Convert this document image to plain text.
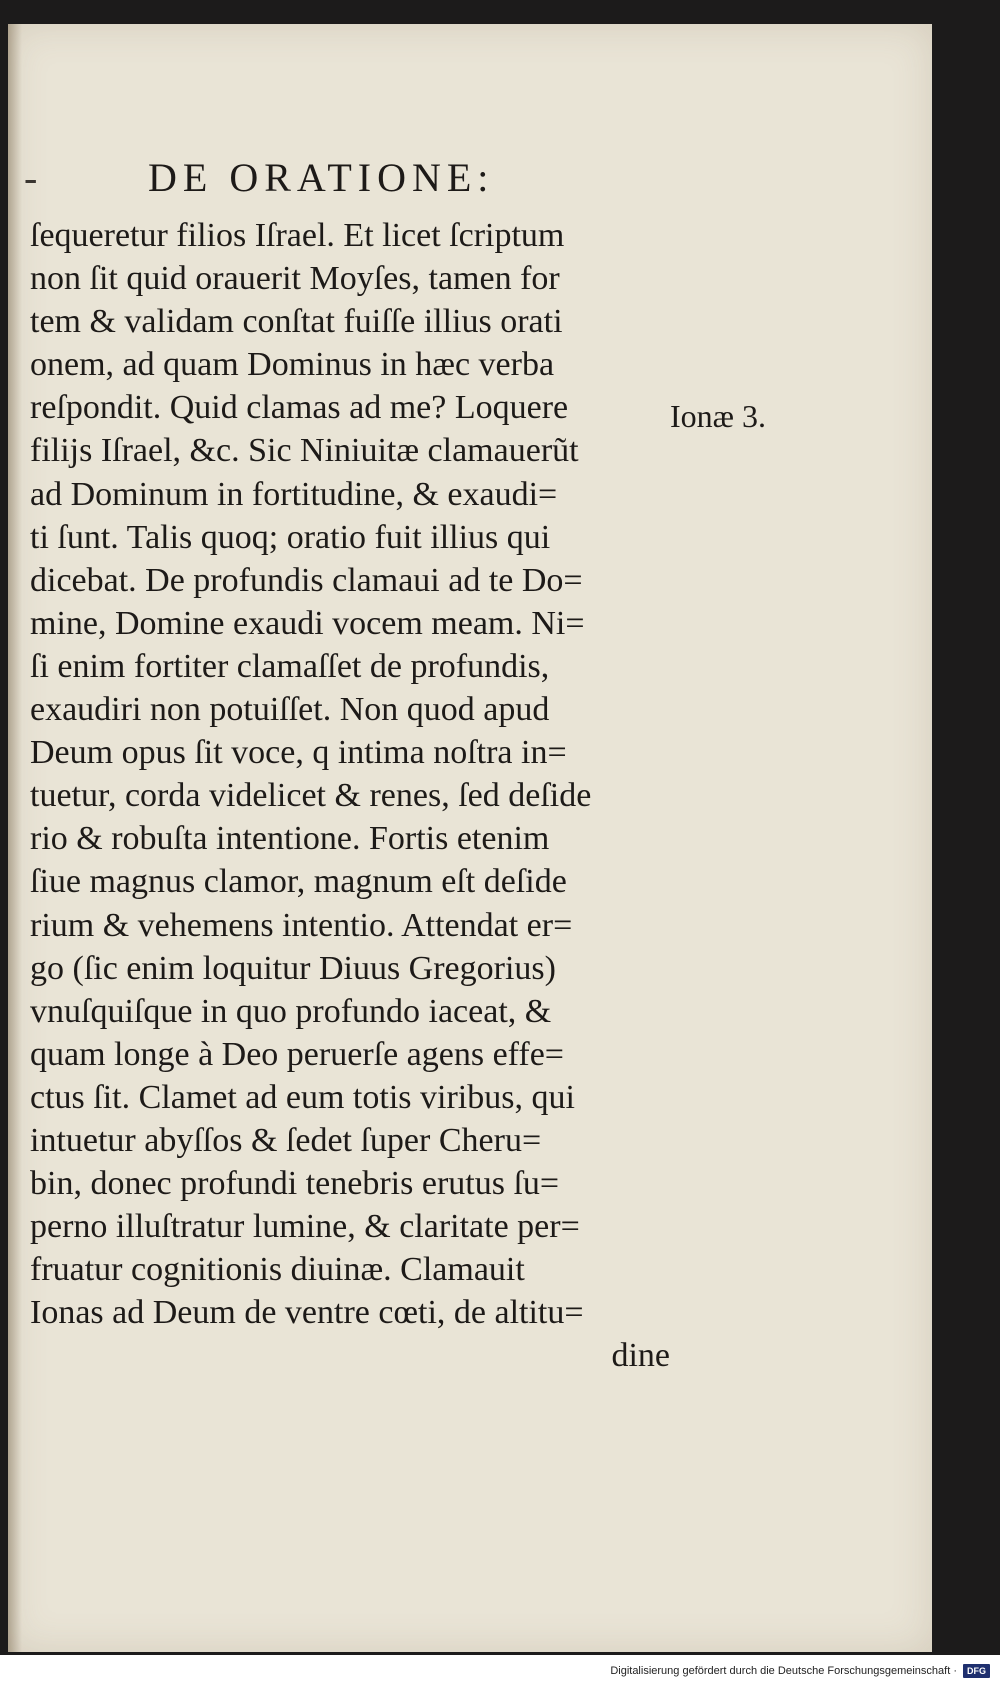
-	DE ORATIONE:
ſequeretur filios Iſrael. Et licet ſcriptum
non ſit quid orauerit Moyſes, tamen for
tem & validam conſtat fuiſſe illius orati
onem, ad quam Dominus in hæc verba
reſpondit. Quid clamas ad me? Loquere
filijs Iſrael, &c. Sic Niniuitæ clamauerũt
ad Dominum in fortitudine, & exaudi=
ti ſunt. Talis quoq; oratio fuit illius qui
dicebat. De profundis clamaui ad te Do=
mine, Domine exaudi vocem meam. Ni=
ſi enim fortiter clamaſſet de profundis,
exaudiri non potuiſſet. Non quod apud
Deum opus ſit voce, q intima noſtra in=
tuetur, corda videlicet & renes, ſed deſide
rio & robuſta intentione. Fortis etenim
ſiue magnus clamor, magnum eſt deſide
rium & vehemens intentio. Attendat er=
go (ſic enim loquitur Diuus Gregorius)
vnuſquiſque in quo profundo iaceat, &
quam longe à Deo peruerſe agens effe=
ctus ſit. Clamet ad eum totis viribus, qui
intuetur abyſſos & ſedet ſuper Cheru=
bin, donec profundi tenebris erutus ſu=
perno illuſtratur lumine, & claritate per=
fruatur cognitionis diuinæ. Clamauit
Ionas ad Deum de ventre cœti, de altitu=
dine
Ionæ 3.
Digitalisierung gefördert durch die Deutsche Forschungsgemeinschaft ·	DFG
